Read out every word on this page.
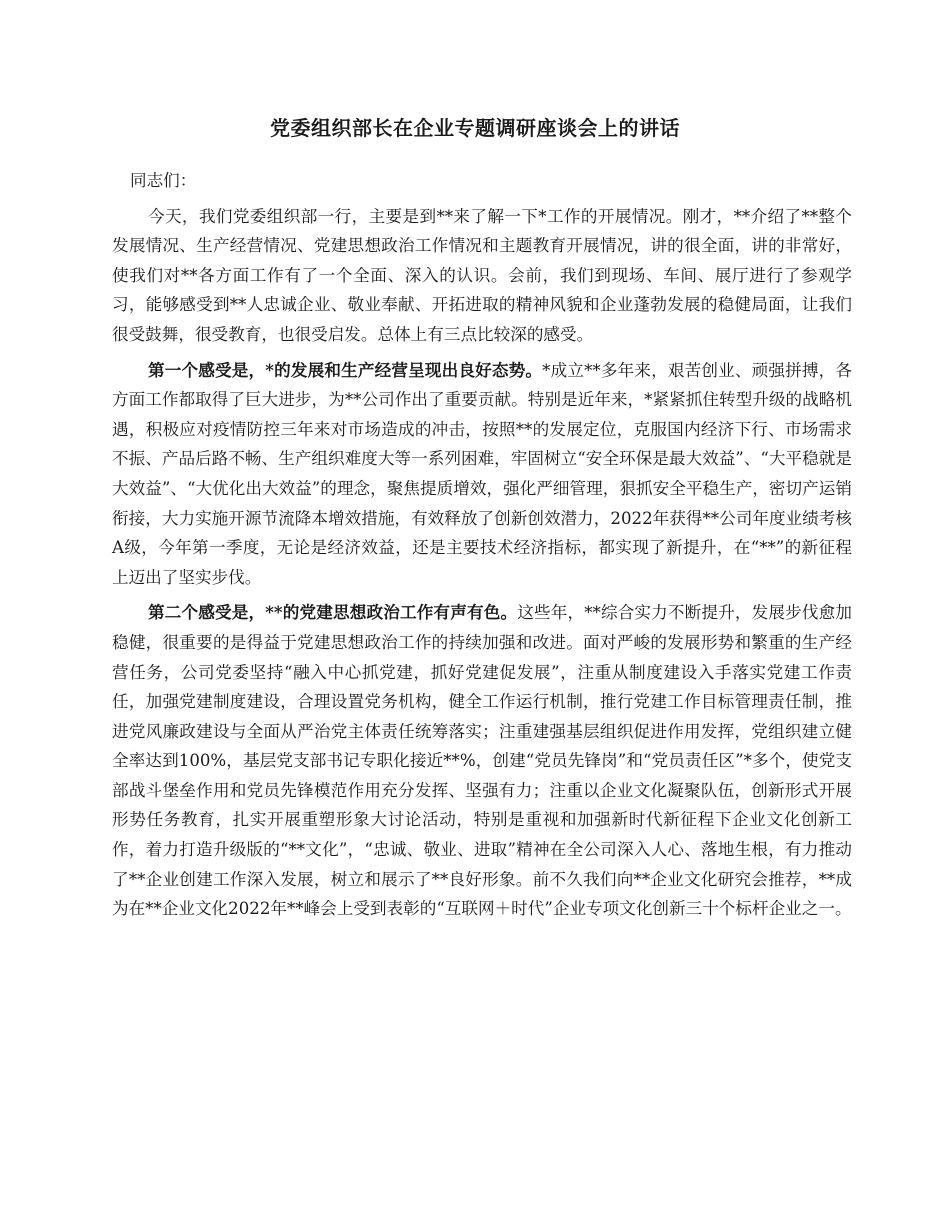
党委组织部长在企业专题调研座谈会上的讲话

同志们：

今天，我们党委组织部一行，主要是到**来了解一下*工作的开展情况。刚才，**介绍了**整个发展情况、生产经营情况、党建思想政治工作情况和主题教育开展情况，讲的很全面，讲的非常好，使我们对**各方面工作有了一个全面、深入的认识。会前，我们到现场、车间、展厅进行了参观学习，能够感受到**人忠诚企业、敬业奉献、开拓进取的精神风貌和企业蓬勃发展的稳健局面，让我们很受鼓舞，很受教育，也很受启发。总体上有三点比较深的感受。

第一个感受是，*的发展和生产经营呈现出良好态势。*成立**多年来，艰苦创业、顽强拼搏，各方面工作都取得了巨大进步，为**公司作出了重要贡献。特别是近年来，*紧紧抓住转型升级的战略机遇，积极应对疫情防控三年来对市场造成的冲击，按照**的发展定位，克服国内经济下行、市场需求不振、产品后路不畅、生产组织难度大等一系列困难，牢固树立“安全环保是最大效益”、“大平稳就是大效益”、“大优化出大效益”的理念，聚焦提质增效，强化严细管理，狠抓安全平稳生产，密切产运销衔接，大力实施开源节流降本增效措施，有效释放了创新创效潜力，2022年获得**公司年度业绩考核A级，今年第一季度，无论是经济效益，还是主要技术经济指标，都实现了新提升，在“**”的新征程上迈出了坚实步伐。

第二个感受是，**的党建思想政治工作有声有色。这些年，**综合实力不断提升，发展步伐愈加稳健，很重要的是得益于党建思想政治工作的持续加强和改进。面对严峻的发展形势和繁重的生产经营任务，公司党委坚持“融入中心抓党建，抓好党建促发展”，注重从制度建设入手落实党建工作责任，加强党建制度建设，合理设置党务机构，健全工作运行机制，推行党建工作目标管理责任制，推进党风廉政建设与全面从严治党主体责任统筹落实；注重建强基层组织促进作用发挥，党组织建立健全率达到100%，基层党支部书记专职化接近**%，创建“党员先锋岗”和“党员责任区”*多个，使党支部战斗堡垒作用和党员先锋模范作用充分发挥、坚强有力；注重以企业文化凝聚队伍，创新形式开展形势任务教育，扎实开展重塑形象大讨论活动，特别是重视和加强新时代新征程下企业文化创新工作，着力打造升级版的“**文化”，“忠诚、敬业、进取”精神在全公司深入人心、落地生根，有力推动了**企业创建工作深入发展，树立和展示了**良好形象。前不久我们向**企业文化研究会推荐，**成为在**企业文化2022年**峰会上受到表彰的“互联网＋时代”企业专项文化创新三十个标杆企业之一。
